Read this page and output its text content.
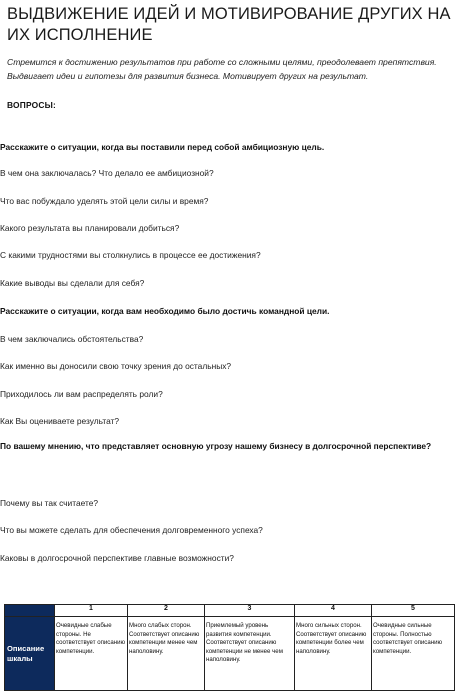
ВЫДВИЖЕНИЕ ИДЕЙ И МОТИВИРОВАНИЕ ДРУГИХ НА
ИХ ИСПОЛНЕНИЕ

Стремится к достижению результатов при работе со сложными целями, преодолевает препятствия. Выдвигает идеи и гипотезы для развития бизнеса. Мотивирует других на результат.

ВОПРОСЫ:

Расскажите о ситуации, когда вы поставили перед собой амбициозную цель.

В чем она заключалась? Что делало ее амбициозной?

Что вас побуждало уделять этой цели силы и время?

Какого результата вы планировали добиться?

С какими трудностями вы столкнулись в процессе ее достижения?

Какие выводы вы сделали для себя?

Расскажите о ситуации, когда вам необходимо было достичь командной цели.

В чем заключались обстоятельства?

Как именно вы доносили свою точку зрения до остальных?

Приходилось ли вам распределять роли?

Как Вы оцениваете результат?

По вашему мнению, что представляет основную угрозу нашему бизнесу в долгосрочной перспективе?

Почему вы так считаете?

Что вы можете сделать для обеспечения долговременного успеха?

Каковы в долгосрочной перспективе главные возможности?

	1	2	3	4	5
Описание шкалы	Очевидные слабые стороны. Не соответствует описанию компетенции.	Много слабых сторон. Соответствует описанию компетенции менее чем наполовину.	Приемлемый уровень развития компетенции. Соответствует описанию компетенции не менее чем наполовину.	Много сильных сторон. Соответствует описанию компетенции более чем наполовину.	Очевидные сильные стороны. Полностью соответствует описанию компетенции.
